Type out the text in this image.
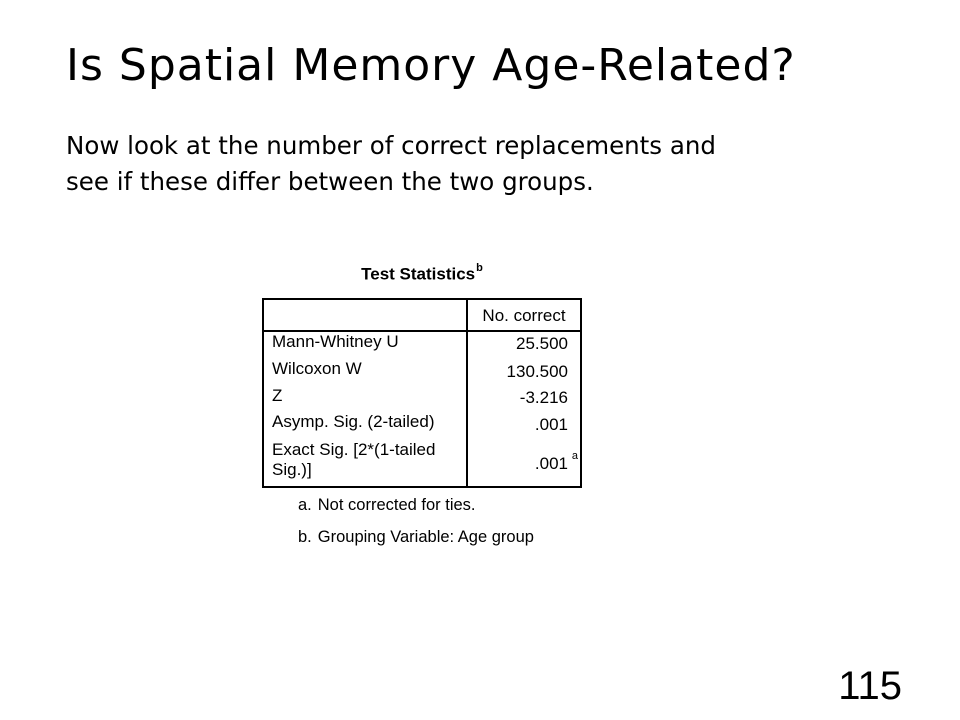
Is Spatial Memory Age-Related?

Now look at the number of correct replacements and
see if these differ between the two groups.

Test Statistics$^b$
No. correct
Mann-Whitney U	25.500
Wilcoxon W	130.500
Z	-3.216
Asymp. Sig. (2-tailed)	.001
Exact Sig. [2*(1-tailed Sig.)]	.001 a
a. Not corrected for ties.
b. Grouping Variable: Age group
115
